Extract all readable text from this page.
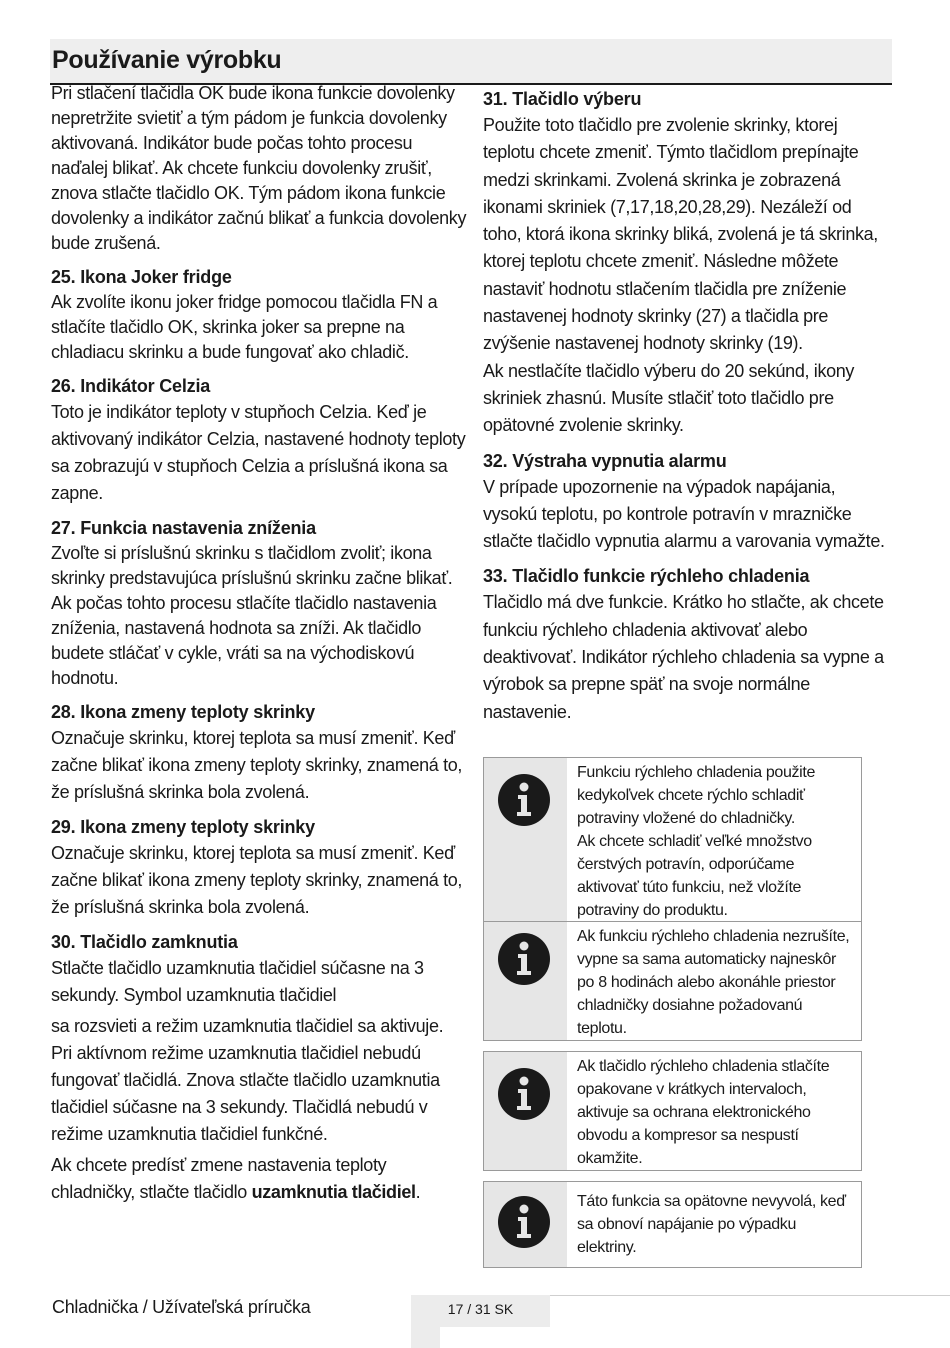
Používanie výrobku

Pri stlačení tlačidla OK bude ikona funkcie dovolenky nepretržite svietiť a tým pádom je funkcia dovolenky aktivovaná. Indikátor bude počas tohto procesu naďalej blikať. Ak chcete funkciu dovolenky zrušiť, znova stlačte tlačidlo OK. Tým pádom ikona funkcie dovolenky a indikátor začnú blikať a funkcia dovolenky bude zrušená.

25. Ikona Joker fridge

Ak zvolíte ikonu joker fridge pomocou tlačidla FN a stlačíte tlačidlo OK, skrinka joker sa prepne na chladiacu skrinku a bude fungovať ako chladič.

26. Indikátor Celzia

Toto je indikátor teploty v stupňoch Celzia. Keď je aktivovaný indikátor Celzia, nastavené hodnoty teploty sa zobrazujú v stupňoch Celzia a príslušná ikona sa zapne.

27. Funkcia nastavenia zníženia

Zvoľte si príslušnú skrinku s tlačidlom zvoliť; ikona skrinky predstavujúca príslušnú skrinku začne blikať. Ak počas tohto procesu stlačíte tlačidlo nastavenia zníženia, nastavená hodnota sa zníži. Ak tlačidlo budete stláčať v cykle, vráti sa na východiskovú hodnotu.

28. Ikona zmeny teploty skrinky

Označuje skrinku, ktorej teplota sa musí zmeniť. Keď začne blikať ikona zmeny teploty skrinky, znamená to, že príslušná skrinka bola zvolená.

29. Ikona zmeny teploty skrinky

Označuje skrinku, ktorej teplota sa musí zmeniť. Keď začne blikať ikona zmeny teploty skrinky, znamená to, že príslušná skrinka bola zvolená.

30. Tlačidlo zamknutia

Stlačte tlačidlo uzamknutia tlačidiel súčasne na 3 sekundy. Symbol uzamknutia tlačidiel

sa rozsvieti a režim uzamknutia tlačidiel sa aktivuje. Pri aktívnom režime uzamknutia tlačidiel nebudú fungovať tlačidlá. Znova stlačte tlačidlo uzamknutia tlačidiel súčasne na 3 sekundy. Tlačidlá nebudú v režime uzamknutia tlačidiel funkčné.

Ak chcete predísť zmene nastavenia teploty chladničky, stlačte tlačidlo uzamknutia tlačidiel.

31. Tlačidlo výberu

Použite toto tlačidlo pre zvolenie skrinky, ktorej teplotu chcete zmeniť. Týmto tlačidlom prepínajte medzi skrinkami. Zvolená skrinka je zobrazená ikonami skriniek (7,17,18,20,28,29). Nezáleží od toho, ktorá ikona skrinky bliká, zvolená je tá skrinka, ktorej teplotu chcete zmeniť. Následne môžete nastaviť hodnotu stlačením tlačidla pre zníženie nastavenej hodnoty skrinky (27) a tlačidla pre zvýšenie nastavenej hodnoty skrinky (19).

Ak nestlačíte tlačidlo výberu do 20 sekúnd, ikony skriniek zhasnú. Musíte stlačiť toto tlačidlo pre opätovné zvolenie skrinky.

32. Výstraha vypnutia alarmu

V prípade upozornenie na výpadok napájania, vysokú teplotu, po kontrole potravín v mrazničke stlačte tlačidlo vypnutia alarmu a varovania vymažte.

33. Tlačidlo funkcie rýchleho chladenia

Tlačidlo má dve funkcie. Krátko ho stlačte, ak chcete funkciu rýchleho chladenia aktivovať alebo deaktivovať. Indikátor rýchleho chladenia sa vypne a výrobok sa prepne späť na svoje normálne nastavenie.

Funkciu rýchleho chladenia použite kedykoľvek chcete rýchlo schladiť potraviny vložené do chladničky.

Ak chcete schladiť veľké množstvo čerstvých potravín, odporúčame aktivovať túto funkciu, než vložíte potraviny do produktu.

Ak funkciu rýchleho chladenia nezrušíte, vypne sa sama automaticky najneskôr po 8 hodinách alebo akonáhle priestor chladničky dosiahne požadovanú teplotu.

Ak tlačidlo rýchleho chladenia stlačíte opakovane v krátkych intervaloch, aktivuje sa ochrana elektronického obvodu a kompresor sa nespustí okamžite.

Táto funkcia sa opätovne nevyvolá, keď sa obnoví napájanie po výpadku elektriny.

Chladnička / Užívateľská príručka	17 / 31 SK
